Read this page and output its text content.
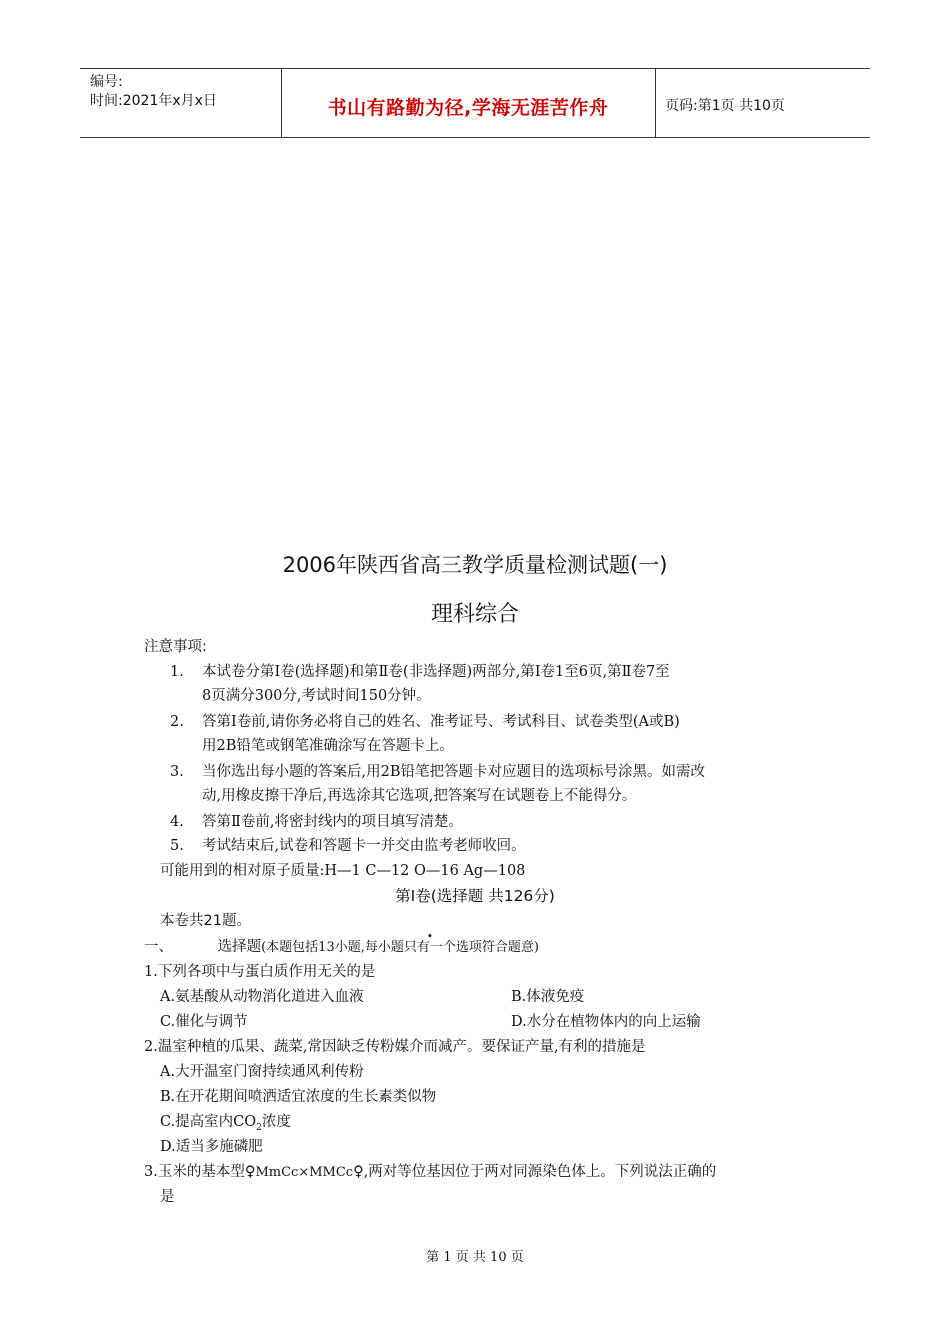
编号:
时间:2021年x月x日	书山有路勤为径,学海无涯苦作舟	页码:第1页 共10页
2006年陕西省高三教学质量检测试题(一)
理科综合
注意事项:
1. 本试卷分第Ⅰ卷(选择题)和第Ⅱ卷(非选择题)两部分,第Ⅰ卷1至6页,第Ⅱ卷7至
8页满分300分,考试时间150分钟。
2. 答第Ⅰ卷前,请你务必将自己的姓名、准考证号、考试科目、试卷类型(A或B)
用2B铅笔或钢笔准确涂写在答题卡上。
3. 当你选出每小题的答案后,用2B铅笔把答题卡对应题目的选项标号涂黑。如需改
动,用橡皮擦干净后,再选涂其它选项,把答案写在试题卷上不能得分。
4. 答第Ⅱ卷前,将密封线内的项目填写清楚。
5. 考试结束后,试卷和答题卡一并交由监考老师收回。
可能用到的相对原子质量:H—1 C—12 O—16 Ag—108
第Ⅰ卷(选择题 共126分)
本卷共21题。
一、	选择题(本题包括13小题,每小题只有一个选项符合题意)
1.下列各项中与蛋白质作用无关的是
A.氨基酸从动物消化道进入血液	B.体液免疫
C.催化与调节	D.水分在植物体内的向上运输
2.温室种植的瓜果、蔬菜,常因缺乏传粉媒介而减产。要保证产量,有利的措施是
A.大开温室门窗持续通风利传粉
B.在开花期间喷洒适宜浓度的生长素类似物
C.提高室内$CO_2$浓度
D.适当多施磷肥
3.玉米的基本型♀MmCc×MMCc♀,两对等位基因位于两对同源染色体上。下列说法正确的
是
第 1 页 共 10 页
